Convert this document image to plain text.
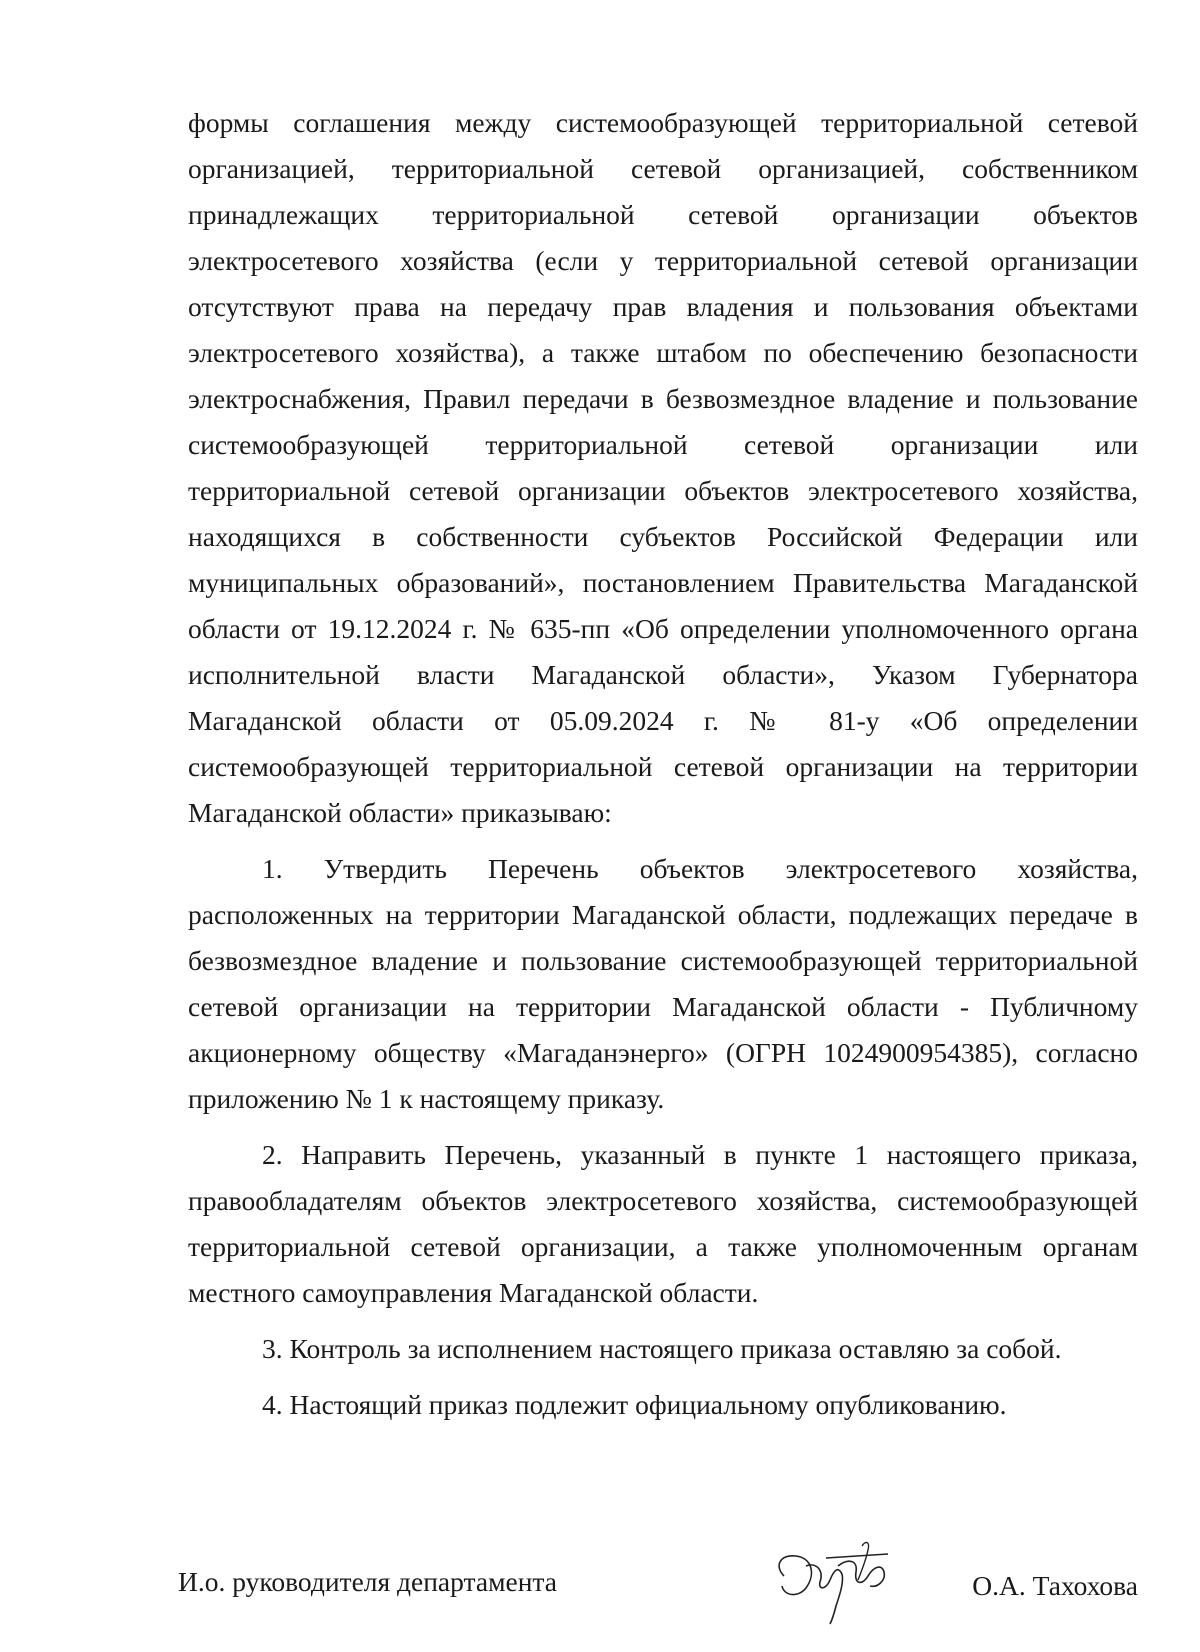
формы соглашения между системообразующей территориальной сетевой организацией, территориальной сетевой организацией, собственником принадлежащих территориальной сетевой организации объектов электросетевого хозяйства (если у территориальной сетевой организации отсутствуют права на передачу прав владения и пользования объектами электросетевого хозяйства), а также штабом по обеспечению безопасности электроснабжения, Правил передачи в безвозмездное владение и пользование системообразующей территориальной сетевой организации или территориальной сетевой организации объектов электросетевого хозяйства, находящихся в собственности субъектов Российской Федерации или муниципальных образований», постановлением Правительства Магаданской области от 19.12.2024 г. № 635-пп «Об определении уполномоченного органа исполнительной власти Магаданской области», Указом Губернатора Магаданской области от 05.09.2024 г. № 81-у «Об определении системообразующей территориальной сетевой организации на территории Магаданской области» приказываю:

1. Утвердить Перечень объектов электросетевого хозяйства, расположенных на территории Магаданской области, подлежащих передаче в безвозмездное владение и пользование системообразующей территориальной сетевой организации на территории Магаданской области - Публичному акционерному обществу «Магаданэнерго» (ОГРН 1024900954385), согласно приложению № 1 к настоящему приказу.

2. Направить Перечень, указанный в пункте 1 настоящего приказа, правообладателям объектов электросетевого хозяйства, системообразующей территориальной сетевой организации, а также уполномоченным органам местного самоуправления Магаданской области.

3. Контроль за исполнением настоящего приказа оставляю за собой.

4. Настоящий приказ подлежит официальному опубликованию.

И.о. руководителя департамента	О.А. Тахохова
